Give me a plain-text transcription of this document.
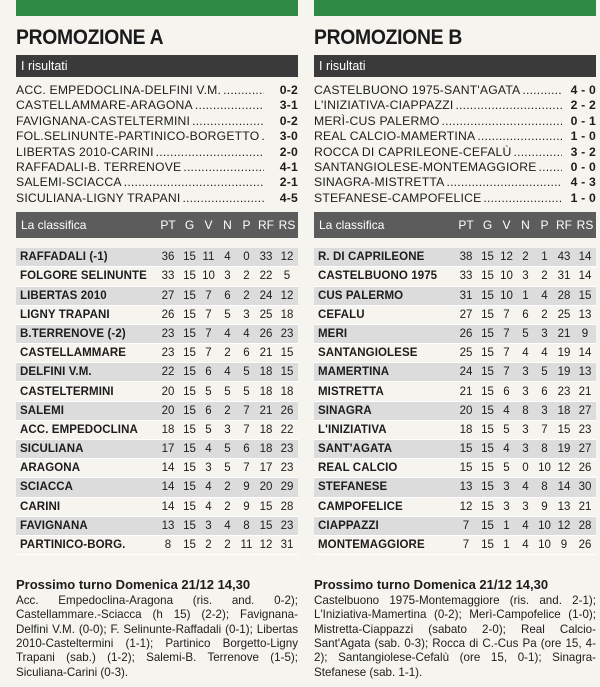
PROMOZIONE A
I risultati
ACC. EMPEDOCLINA-DELFINI V.M. .....	0-2
CASTELLAMMARE-ARAGONA .....	3-1
FAVIGNANA-CASTELTERMINI .....	0-2
FOL.SELINUNTE-PARTINICO-BORGETTO .....	3-0
LIBERTAS 2010-CARINI .....	2-0
RAFFADALI-B. TERRENOVE .....	4-1
SALEMI-SCIACCA .....	2-1
SICULIANA-LIGNY TRAPANI .....	4-5
La classifica	PT G V N P RF RS
RAFFADALI (-1)	36 15 11 4	0 33 12
FOLGORE SELINUNTE	33 15 10 3	2 22 5
LIBERTAS 2010	27 15 7	6	2 24 12
LIGNY TRAPANI	26 15 7	5	3 25 18
B.TERRENOVE (-2)	23 15 7	4	4 26 23
CASTELLAMMARE	23 15 7	2	6 21 15
DELFINI V.M.	22 15 6	4	5 18 15
CASTELTERMINI	20 15 5	5	5 18 18
SALEMI	20 15 6	2	7 21 26
ACC. EMPEDOCLINA	18 15 5	3	7 18 22
SICULIANA	17 15 4	5	6 18 23
ARAGONA	14 15 3	5	7 17 23
SCIACCA	14 15 4	2	9 20 29
CARINI	14 15 4	2	9 15 28
FAVIGNANA	13 15 3	4	8 15 23
PARTINICO-BORG.	8	15 2	2 11 12 31
Prossimo turno Domenica 21/12 14,30
Acc. Empedoclina-Aragona (ris. and. 0-2); Castellammare.-Sciacca (h 15) (2-2); Favignana-Delfini V.M. (0-0); F. Selinunte-Raffadali (0-1); Libertas 2010-Casteltermini (1-1); Partinico Borgetto-Ligny Trapani (sab.) (1-2); Salemi-B. Terrenove (1-5); Siculiana-Carini (0-3).
PROMOZIONE B
I risultati
CASTELBUONO 1975-SANT'AGATA .....	4 - 0
L'INIZIATIVA-CIAPPAZZI .....	2 - 2
MERÌ-CUS PALERMO .....	0 - 1
REAL CALCIO-MAMERTINA .....	1 - 0
ROCCA DI CAPRILEONE-CEFALÙ .....	3 - 2
SANTANGIOLESE-MONTEMAGGIORE .....	0 - 0
SINAGRA-MISTRETTA .....	4 - 3
STEFANESE-CAMPOFELICE .....	1 - 0
La classifica	PT G V N P RF RS
R. DI CAPRILEONE	38 15 12 2	1 43 14
CASTELBUONO 1975	33 15 10 3	2 31 14
CUS PALERMO	31 15 10 1	4 28 15
CEFALÙ	27 15 7	6	2 25 13
MERÌ	26 15 7	5	3 21 9
SANTANGIOLESE	25 15 7	4	4 19 14
MAMERTINA	24 15 7	3	5 19 13
MISTRETTA	21 15 6	3	6 23 21
SINAGRA	20 15 4	8	3 18 27
L'INIZIATIVA	18 15 5	3	7 15 23
SANT'AGATA	15 15 4	3	8 19 27
REAL CALCIO	15 15 5	0 10 12 26
STEFANESE	13 15 3	4	8 14 30
CAMPOFELICE	12 15 3	3	9 13 21
CIAPPAZZI	7	15 1	4 10 12 28
MONTEMAGGIORE	7	15 1	4 10 9 26
Prossimo turno Domenica 21/12 14,30
Castelbuono 1975-Montemaggiore (ris. and. 2-1); L'Iniziativa-Mamertina (0-2); Merì-Campofelice (1-0); Mistretta-Ciappazzi (sabato 2-0); Real Calcio-Sant'Agata (sab. 0-3); Rocca di C.-Cus Pa (ore 15, 4-2); Santangiolese-Cefalù (ore 15, 0-1); Sinagra-Stefanese (sab. 1-1).
